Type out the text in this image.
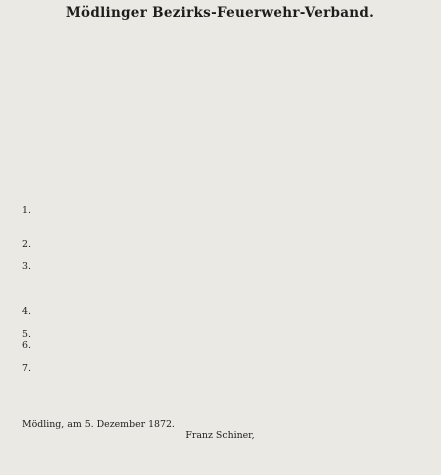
Mödlinger Bezirks-Feuerwehr-Verband.
1.
2.
3.
4.
5.
6.
7.
Mödling, am 5. Dezember 1872.
Franz Schiner,
